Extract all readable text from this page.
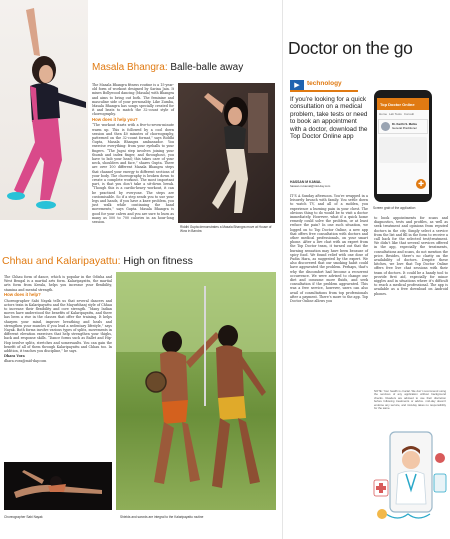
Masala Bhangra: Balle-balle away

The Masala Bhangra fitness routine is a 15-year-old form of workout designed by Sarina Jain. It mixes Bollywood dancing (Masala) with Bhangra and aims to bring out both. The feminine and masculine side of your personality. Like Zumba, Masala Bhangra has songs specially created for it and beats to match the 32-count style of choreography.

How does it help you?

“The workout starts with a five-to-seven-minute warm up. This is followed by a cool down session and then 40 minutes of choreography, patterned on the 32-count format,” says Riddhi Gupta, Masala Bhangra ambassador. You exercise everything: from your eyeballs to your fingers. “The Jugni step involves joining your thumb and index finger, and throughout, you have to bob your head; this takes care of your neck, shoulders and face,” shares Gupta. There are over 100 different Masala Bhangra steps that channel your energy to different sections of your body. The choreography is broken down to create a complete workout. The most important part, is that you don’t take a sit-down break. “Though this is a cardio-heavy workout, it can be practised by everyone. The steps are customisable. So if a step sends you to use your legs and hands, if you have a knee problem, you just walk while continuing the hand movements,” says Gupta. Masala Bhangra is good for your calves and you are sure to burn as many as 500 to 700 calories in an hour-long session.

Riddhi Gupta demonstrates a Masala Bhangra move at House of Wow in Bandra
Chhau and Kalaripayattu: High on fitness

The Chhau form of dance, which is popular in the Odisha and West Bengal is a martial arts form. Kalaripayattu, the martial arts form from Kerala, helps you increase your flexibility, stamina and mental strength.

How does it help?

Choreographer Sabi Nayak tells us that several dancers and actors train in Kalaripayattu and the Mayurbhanj style of Chhau to increase their flexibility and core strength. “Many Indian moves have understood the benefits of Kalaripayattu, and there has been a rise in the classes that offer the training. It helps sharpen your mind, improve breathing and heals and strengthen your muscles if you lead a sedentary lifestyle,” says Nayak. Both forms involve various types of splits, movements in different elevation exercises that help strengthen your thighs, back and response skills. “Dance forms such as Ballet and Hip-Hop involve splits, stretches and somersaults. You can gain the benefit of all of them through Kalaripayattu and Chhau too. In addition, it teaches you discipline,” he says.

Dhara Vora
dhara.vora@mid-day.com
Choreographer Sabi Nayak	Shields and swords are integral to the Kalaripayattu routine
Doctor on the go
▶	technology
If you’re looking for a quick consultation on a medical problem, take tests or need to book an appointment with a doctor, download the Top Doctor Online app
HASSAN M KAMAL
hassan.m.kamal@mid-day.com
IT’S A Sunday afternoon. You’re wrapped in a leisurely brunch with family. You settle down to watch TV, and all of a sudden, you experience a burning pain in your chest. The obvious thing to do would be to visit a doctor immediately. However, what if a quick home remedy could solve the problem, or at least reduce the pain? In one such situation, we logged on to Top Doctor Online, a new app that offers free consultation with doctors and other medical professionals, on your smart phone. After a live chat with an expert from the Top Doctor team, it turned out that the burning sensation may have been because of spicy food. We found relief with one dose of Pudin Hara, as suggested by the expert. We also discovered that our smoking habit could have aggravated the problem. Perhaps, that’s why the discomfort had become a recurrent occurrence. We were advised to change our diet and consume more fluids, and seek consultation if the problem aggravated. This was a free service, however, users can also avail of consultations from top professionals after a payment. There’s more to the app. Top Doctor Online allows you
Top Doctor Online
Home Lab Tests Consult
Dr. Karthi S. Mehta
General Practitioner
✚
Screen grab of the application
to book appointments for scans and diagnostics, tests and profiles, as well as seek treatment and opinions from reputed doctors in the city. Simply select a service from the list and fill in the form to receive a call back for the selected test/treatment. We didn’t like that several services offered in the app, especially the treatments, consultations and scans, do not mention the price. Besides, there’s no clarity on the availability of doctors. Despite these hitches, we love that Top Doctor Online offers free live chat sessions with their team of doctors. It could be a handy tool to provide first aid, especially for minor niggles and in situations where it’s difficult to reach a medical professional. The app is available as a free download on Android phones.
NOTE: Your health is crucial. We don’t recommend using the services of any application without background checks. Readers are advised to use their discretion before following treatments or advice. mid-day doesn’t endorse any service, and mid-day takes no responsibility for the same.
